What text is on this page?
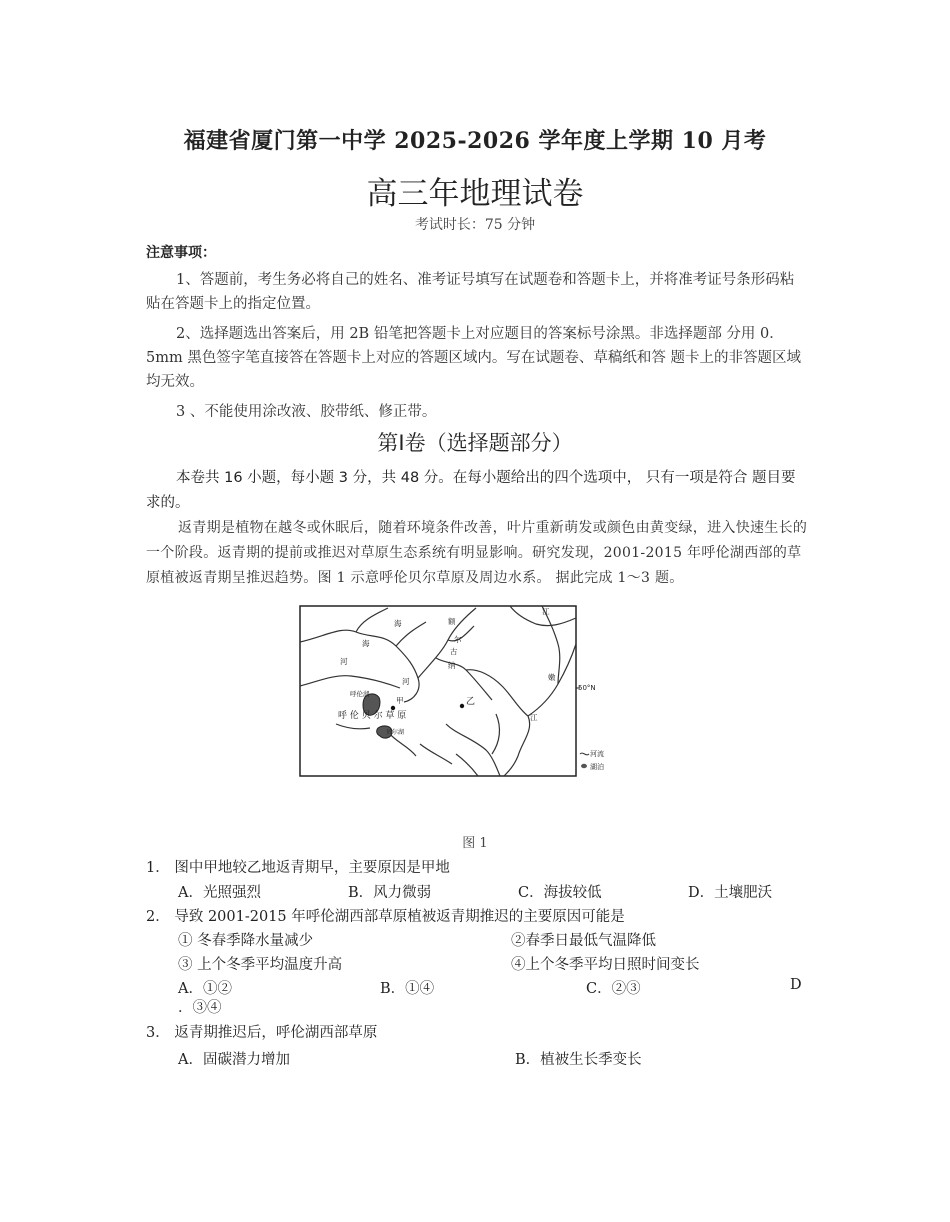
福建省厦门第一中学 2025-2026 学年度上学期 10 月考
高三年地理试卷
考试时长：75 分钟
注意事项：
1、答题前，考生务必将自己的姓名、准考证号填写在试题卷和答题卡上，并将准考证号条形码粘贴在答题卡上的指定位置。
2、选择题选出答案后，用 2B 铅笔把答题卡上对应题目的答案标号涂黑。非选择题部 分用 0．5mm 黑色签字笔直接答在答题卡上对应的答题区域内。写在试题卷、草稿纸和答 题卡上的非答题区域均无效。
3 、不能使用涂改液、胶带纸、修正带。
第I卷（选择题部分）
本卷共 16 小题，每小题 3 分，共 48 分。在每小题给出的四个选项中， 只有一项是符合 题目要求的。
返青期是植物在越冬或休眠后，随着环境条件改善，叶片重新萌发或颜色由黄变绿，进入快速生长的一个阶段。返青期的提前或推迟对草原生态系统有明显影响。研究发现，2001-2015 年呼伦湖西部的草原植被返青期呈推迟趋势。图 1 示意呼伦贝尔草原及周边水系。 据此完成 1〜3 题。
海
海	额
尔
古
纳
河
河
呼伦湖
甲	乙
呼 伦 贝 尔 草 原
贝尔湖
嫩
江
江
50°N
河流
湖泊
图 1
1． 图中甲地较乙地返青期早，主要原因是甲地
A．光照强烈	B．风力微弱	C．海拔较低	D．土壤肥沃
2． 导致 2001-2015 年呼伦湖西部草原植被返青期推迟的主要原因可能是
① 冬春季降水量减少	②春季日最低气温降低
③ 上个冬季平均温度升高	④上个冬季平均日照时间变长
A．①②	B．①④	C．②③	D
．③④
3． 返青期推迟后，呼伦湖西部草原
A．固碳潜力增加	B．植被生长季变长
